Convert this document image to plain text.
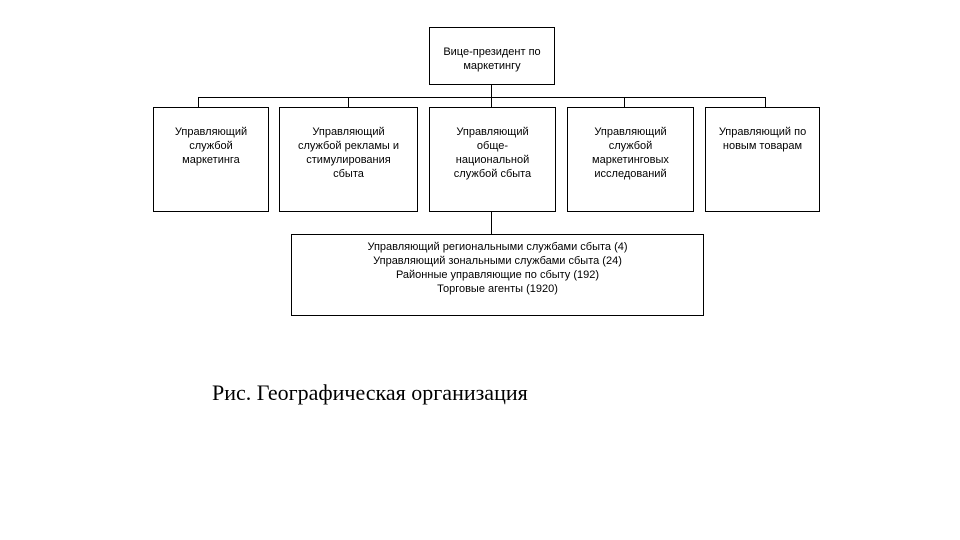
Вице-президент по
маркетингу

Управляющий
службой
маркетинга

Управляющий
службой рекламы и
стимулирования
сбыта

Управляющий
обще-
национальной
службой сбыта

Управляющий
службой
маркетинговых
исследований

Управляющий по
новым товарам

Управляющий региональными службами сбыта (4)
Управляющий зональными службами сбыта (24)
Районные управляющие по сбыту (192)
Торговые агенты (1920)
Рис. Географическая организация
